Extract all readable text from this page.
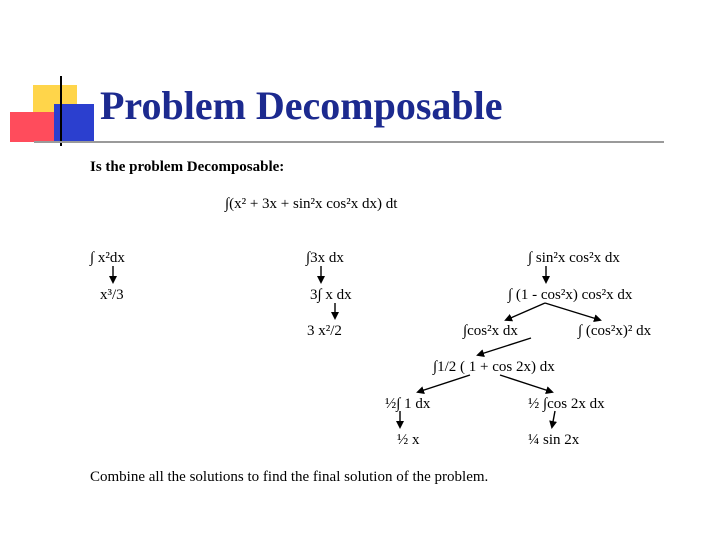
Problem Decomposable
Is the problem Decomposable:
∫(x² + 3x + sin²x cos²x dx) dt
∫ x²dx
x³/3
∫3x dx
3∫ x dx
3 x²/2
∫ sin²x cos²x dx
∫ (1 - cos²x) cos²x dx
∫cos²x dx	∫ (cos²x)² dx
∫1/2 ( 1 + cos 2x) dx
½∫ 1 dx	½ ∫cos 2x dx
½ x	¼ sin 2x
Combine all the solutions to find the final solution of the problem.
